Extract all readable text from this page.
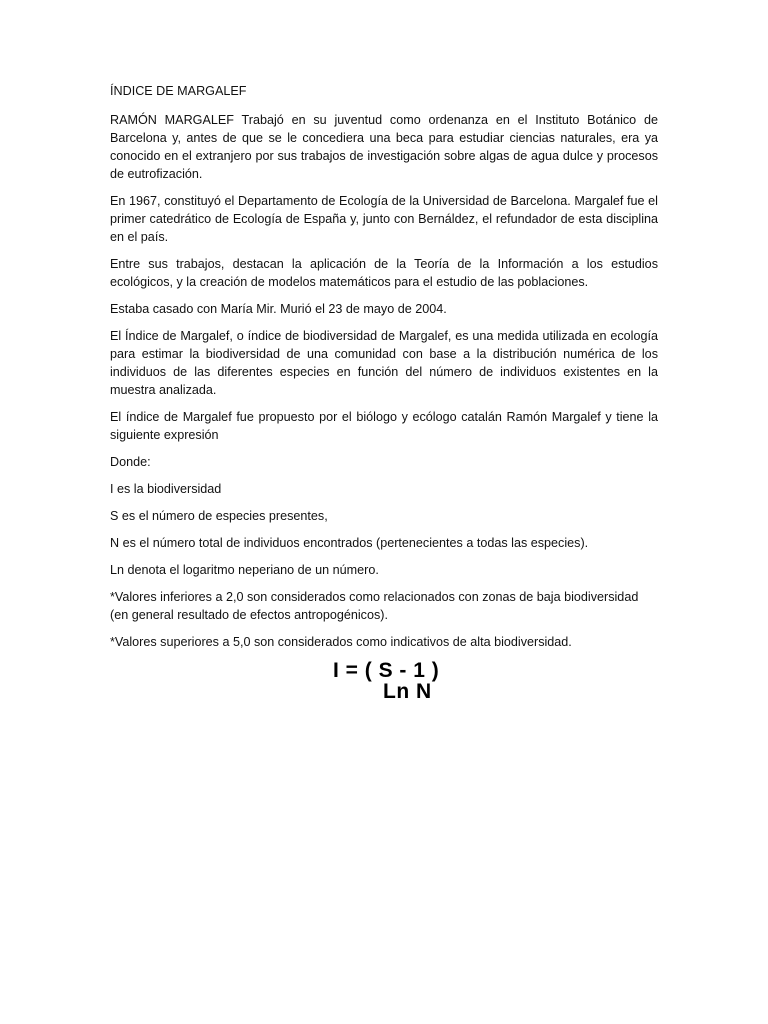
ÍNDICE DE MARGALEF

RAMÓN MARGALEF Trabajó en su juventud como ordenanza en el Instituto Botánico de Barcelona y, antes de que se le concediera una beca para estudiar ciencias naturales, era ya conocido en el extranjero por sus trabajos de investigación sobre algas de agua dulce y procesos de eutrofización.

En 1967, constituyó el Departamento de Ecología de la Universidad de Barcelona. Margalef fue el primer catedrático de Ecología de España y, junto con Bernáldez, el refundador de esta disciplina en el país.

Entre sus trabajos, destacan la aplicación de la Teoría de la Información a los estudios ecológicos, y la creación de modelos matemáticos para el estudio de las poblaciones.

Estaba casado con María Mir. Murió el 23 de mayo de 2004.

El Índice de Margalef, o índice de biodiversidad de Margalef, es una medida utilizada en ecología para estimar la biodiversidad de una comunidad con base a la distribución numérica de los individuos de las diferentes especies en función del número de individuos existentes en la muestra analizada.

El índice de Margalef fue propuesto por el biólogo y ecólogo catalán Ramón Margalef y tiene la siguiente expresión

Donde:

I es la biodiversidad

S es el número de especies presentes,

N es el número total de individuos encontrados (pertenecientes a todas las especies).

Ln denota el logaritmo neperiano de un número.

*Valores inferiores a 2,0 son considerados como relacionados con zonas de baja biodiversidad (en general resultado de efectos antropogénicos).

*Valores superiores a 5,0 son considerados como indicativos de alta biodiversidad.

I = ( S - 1 )
Ln N
